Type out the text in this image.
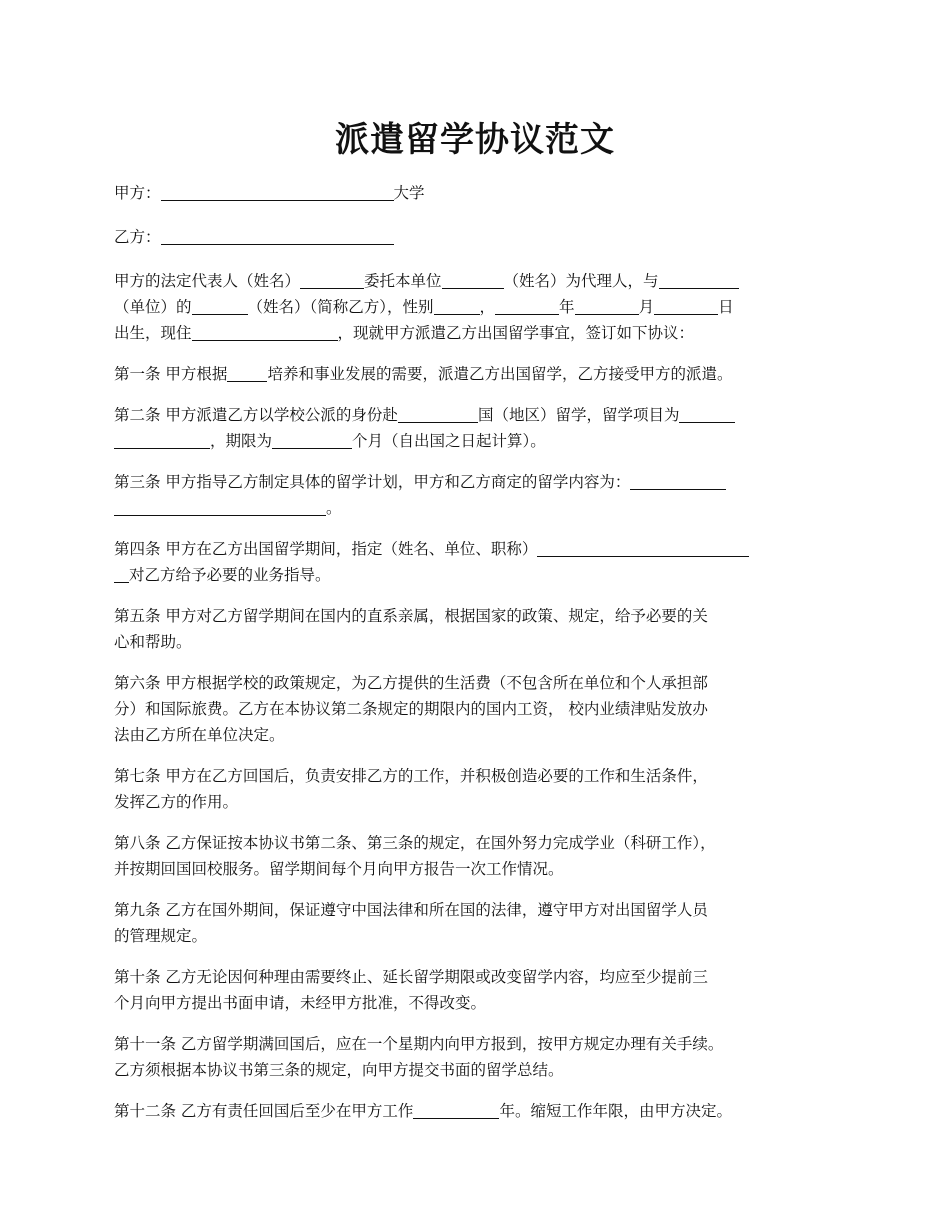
派遣留学协议范文

甲方：	大学

乙方：

甲方的法定代表人（姓名）	委托本单位	（姓名）为代理人，与
（单位）的	（姓名）（简称乙方），性别	，	年	月	日
出生，现住	，现就甲方派遣乙方出国留学事宜，签订如下协议：

第一条 甲方根据	培养和事业发展的需要，派遣乙方出国留学，乙方接受甲方的派遣。

第二条 甲方派遣乙方以学校公派的身份赴	国（地区）留学，留学项目为
，期限为	个月（自出国之日起计算）。

第三条 甲方指导乙方制定具体的留学计划，甲方和乙方商定的留学内容为：
。

第四条 甲方在乙方出国留学期间，指定（姓名、单位、职称）
对乙方给予必要的业务指导。

第五条 甲方对乙方留学期间在国内的直系亲属，根据国家的政策、规定，给予必要的关
心和帮助。

第六条 甲方根据学校的政策规定，为乙方提供的生活费（不包含所在单位和个人承担部
分）和国际旅费。乙方在本协议第二条规定的期限内的国内工资， 校内业绩津贴发放办
法由乙方所在单位决定。

第七条 甲方在乙方回国后，负责安排乙方的工作，并积极创造必要的工作和生活条件，
发挥乙方的作用。

第八条 乙方保证按本协议书第二条、第三条的规定，在国外努力完成学业（科研工作），
并按期回国回校服务。留学期间每个月向甲方报告一次工作情况。

第九条 乙方在国外期间，保证遵守中国法律和所在国的法律，遵守甲方对出国留学人员
的管理规定。

第十条 乙方无论因何种理由需要终止、延长留学期限或改变留学内容，均应至少提前三
个月向甲方提出书面申请，未经甲方批准，不得改变。

第十一条 乙方留学期满回国后，应在一个星期内向甲方报到，按甲方规定办理有关手续。
乙方须根据本协议书第三条的规定，向甲方提交书面的留学总结。

第十二条 乙方有责任回国后至少在甲方工作	年。缩短工作年限，由甲方决定。
